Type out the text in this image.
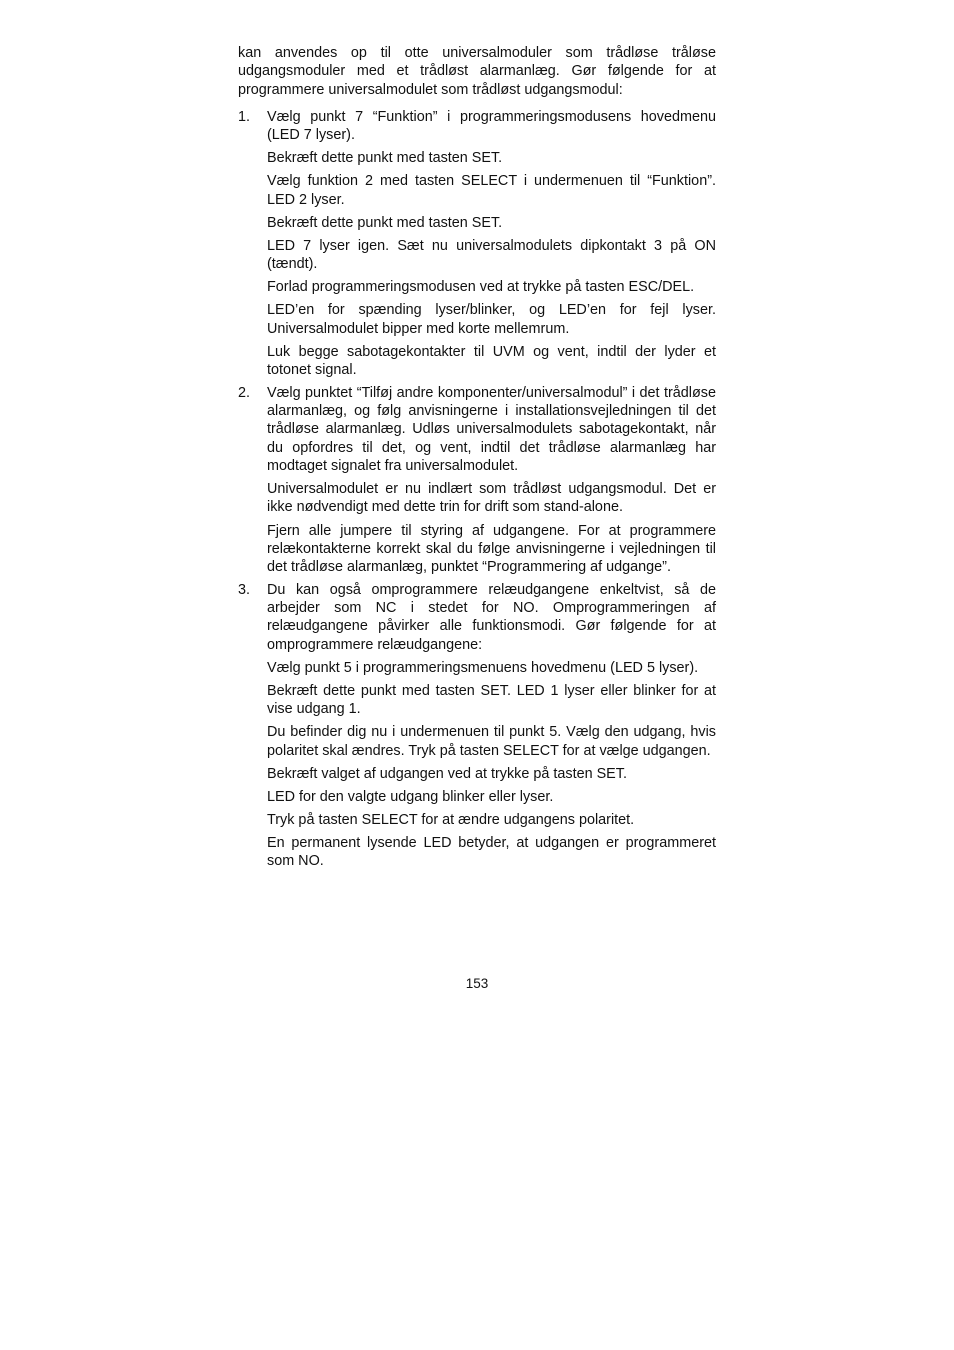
kan anvendes op til otte universalmoduler som trådløse tråløse udgangsmoduler med et trådløst alarmanlæg. Gør følgende for at programmere universalmodulet som trådløst udgangsmodul:

1. Vælg punkt 7 “Funktion” i programmeringsmodusens hovedmenu (LED 7 lyser).

Bekræft dette punkt med tasten SET.

Vælg funktion 2 med tasten SELECT i undermenuen til “Funktion”. LED 2 lyser.

Bekræft dette punkt med tasten SET.

LED 7 lyser igen. Sæt nu universalmodulets dipkontakt 3 på ON (tændt).

Forlad programmeringsmodusen ved at trykke på tasten ESC/DEL.

LED’en for spænding lyser/blinker, og LED’en for fejl lyser. Universalmodulet bipper med korte mellemrum.

Luk begge sabotagekontakter til UVM og vent, indtil der lyder et totonet signal.

2. Vælg punktet “Tilføj andre komponenter/universalmodul” i det trådløse alarmanlæg, og følg anvisningerne i installationsvejledningen til det trådløse alarmanlæg. Udløs universalmodulets sabotagekontakt, når du opfordres til det, og vent, indtil det trådløse alarmanlæg har modtaget signalet fra universalmodulet.

Universalmodulet er nu indlært som trådløst udgangsmodul. Det er ikke nødvendigt med dette trin for drift som stand-alone.

Fjern alle jumpere til styring af udgangene. For at programmere relækontakterne korrekt skal du følge anvisningerne i vejledningen til det trådløse alarmanlæg, punktet “Programmering af udgange”.

3. Du kan også omprogrammere relæudgangene enkeltvist, så de arbejder som NC i stedet for NO. Omprogrammeringen af relæudgangene påvirker alle funktionsmodi. Gør følgende for at omprogrammere relæudgangene:

Vælg punkt 5 i programmeringsmenuens hovedmenu (LED 5 lyser).

Bekræft dette punkt med tasten SET. LED 1 lyser eller blinker for at vise udgang 1.

Du befinder dig nu i undermenuen til punkt 5. Vælg den udgang, hvis polaritet skal ændres. Tryk på tasten SELECT for at vælge udgangen.

Bekræft valget af udgangen ved at trykke på tasten SET.

LED for den valgte udgang blinker eller lyser.

Tryk på tasten SELECT for at ændre udgangens polaritet.

En permanent lysende LED betyder, at udgangen er programmeret som NO.

153
